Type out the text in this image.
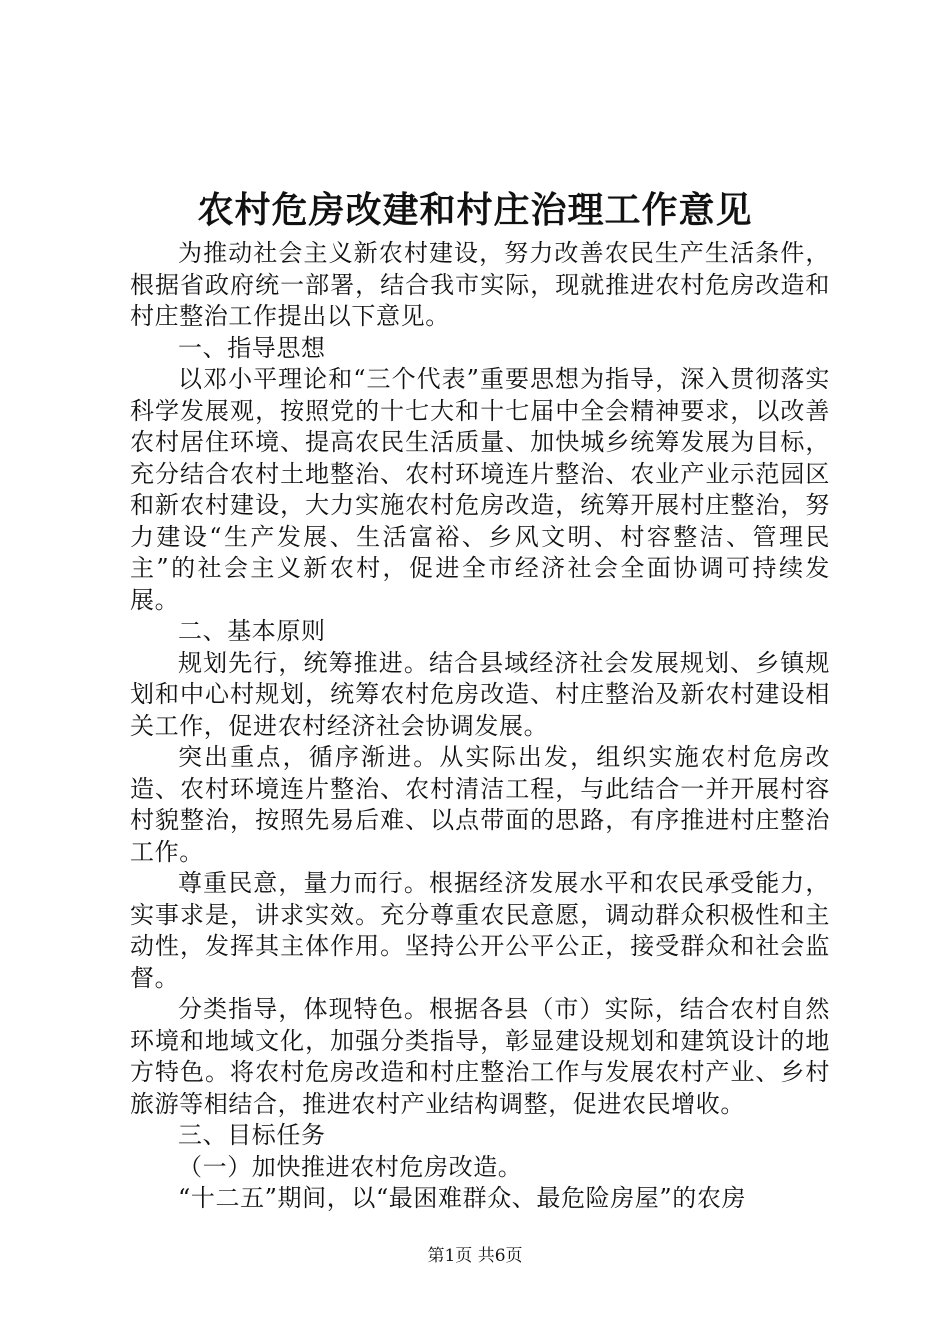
农村危房改建和村庄治理工作意见

为推动社会主义新农村建设，努力改善农民生产生活条件，根据省政府统一部署，结合我市实际，现就推进农村危房改造和村庄整治工作提出以下意见。

一、指导思想

以邓小平理论和“三个代表”重要思想为指导，深入贯彻落实科学发展观，按照党的十七大和十七届中全会精神要求，以改善农村居住环境、提高农民生活质量、加快城乡统筹发展为目标，充分结合农村土地整治、农村环境连片整治、农业产业示范园区和新农村建设，大力实施农村危房改造，统筹开展村庄整治，努力建设“生产发展、生活富裕、乡风文明、村容整洁、管理民主”的社会主义新农村，促进全市经济社会全面协调可持续发展。

二、基本原则

规划先行，统筹推进。结合县域经济社会发展规划、乡镇规划和中心村规划，统筹农村危房改造、村庄整治及新农村建设相关工作，促进农村经济社会协调发展。

突出重点，循序渐进。从实际出发，组织实施农村危房改造、农村环境连片整治、农村清洁工程，与此结合一并开展村容村貌整治，按照先易后难、以点带面的思路，有序推进村庄整治工作。

尊重民意，量力而行。根据经济发展水平和农民承受能力，实事求是，讲求实效。充分尊重农民意愿，调动群众积极性和主动性，发挥其主体作用。坚持公开公平公正，接受群众和社会监督。

分类指导，体现特色。根据各县（市）实际，结合农村自然环境和地域文化，加强分类指导，彰显建设规划和建筑设计的地方特色。将农村危房改造和村庄整治工作与发展农村产业、乡村旅游等相结合，推进农村产业结构调整，促进农民增收。

三、目标任务

（一）加快推进农村危房改造。

“十二五”期间，以“最困难群众、最危险房屋”的农房

第1页 共6页
